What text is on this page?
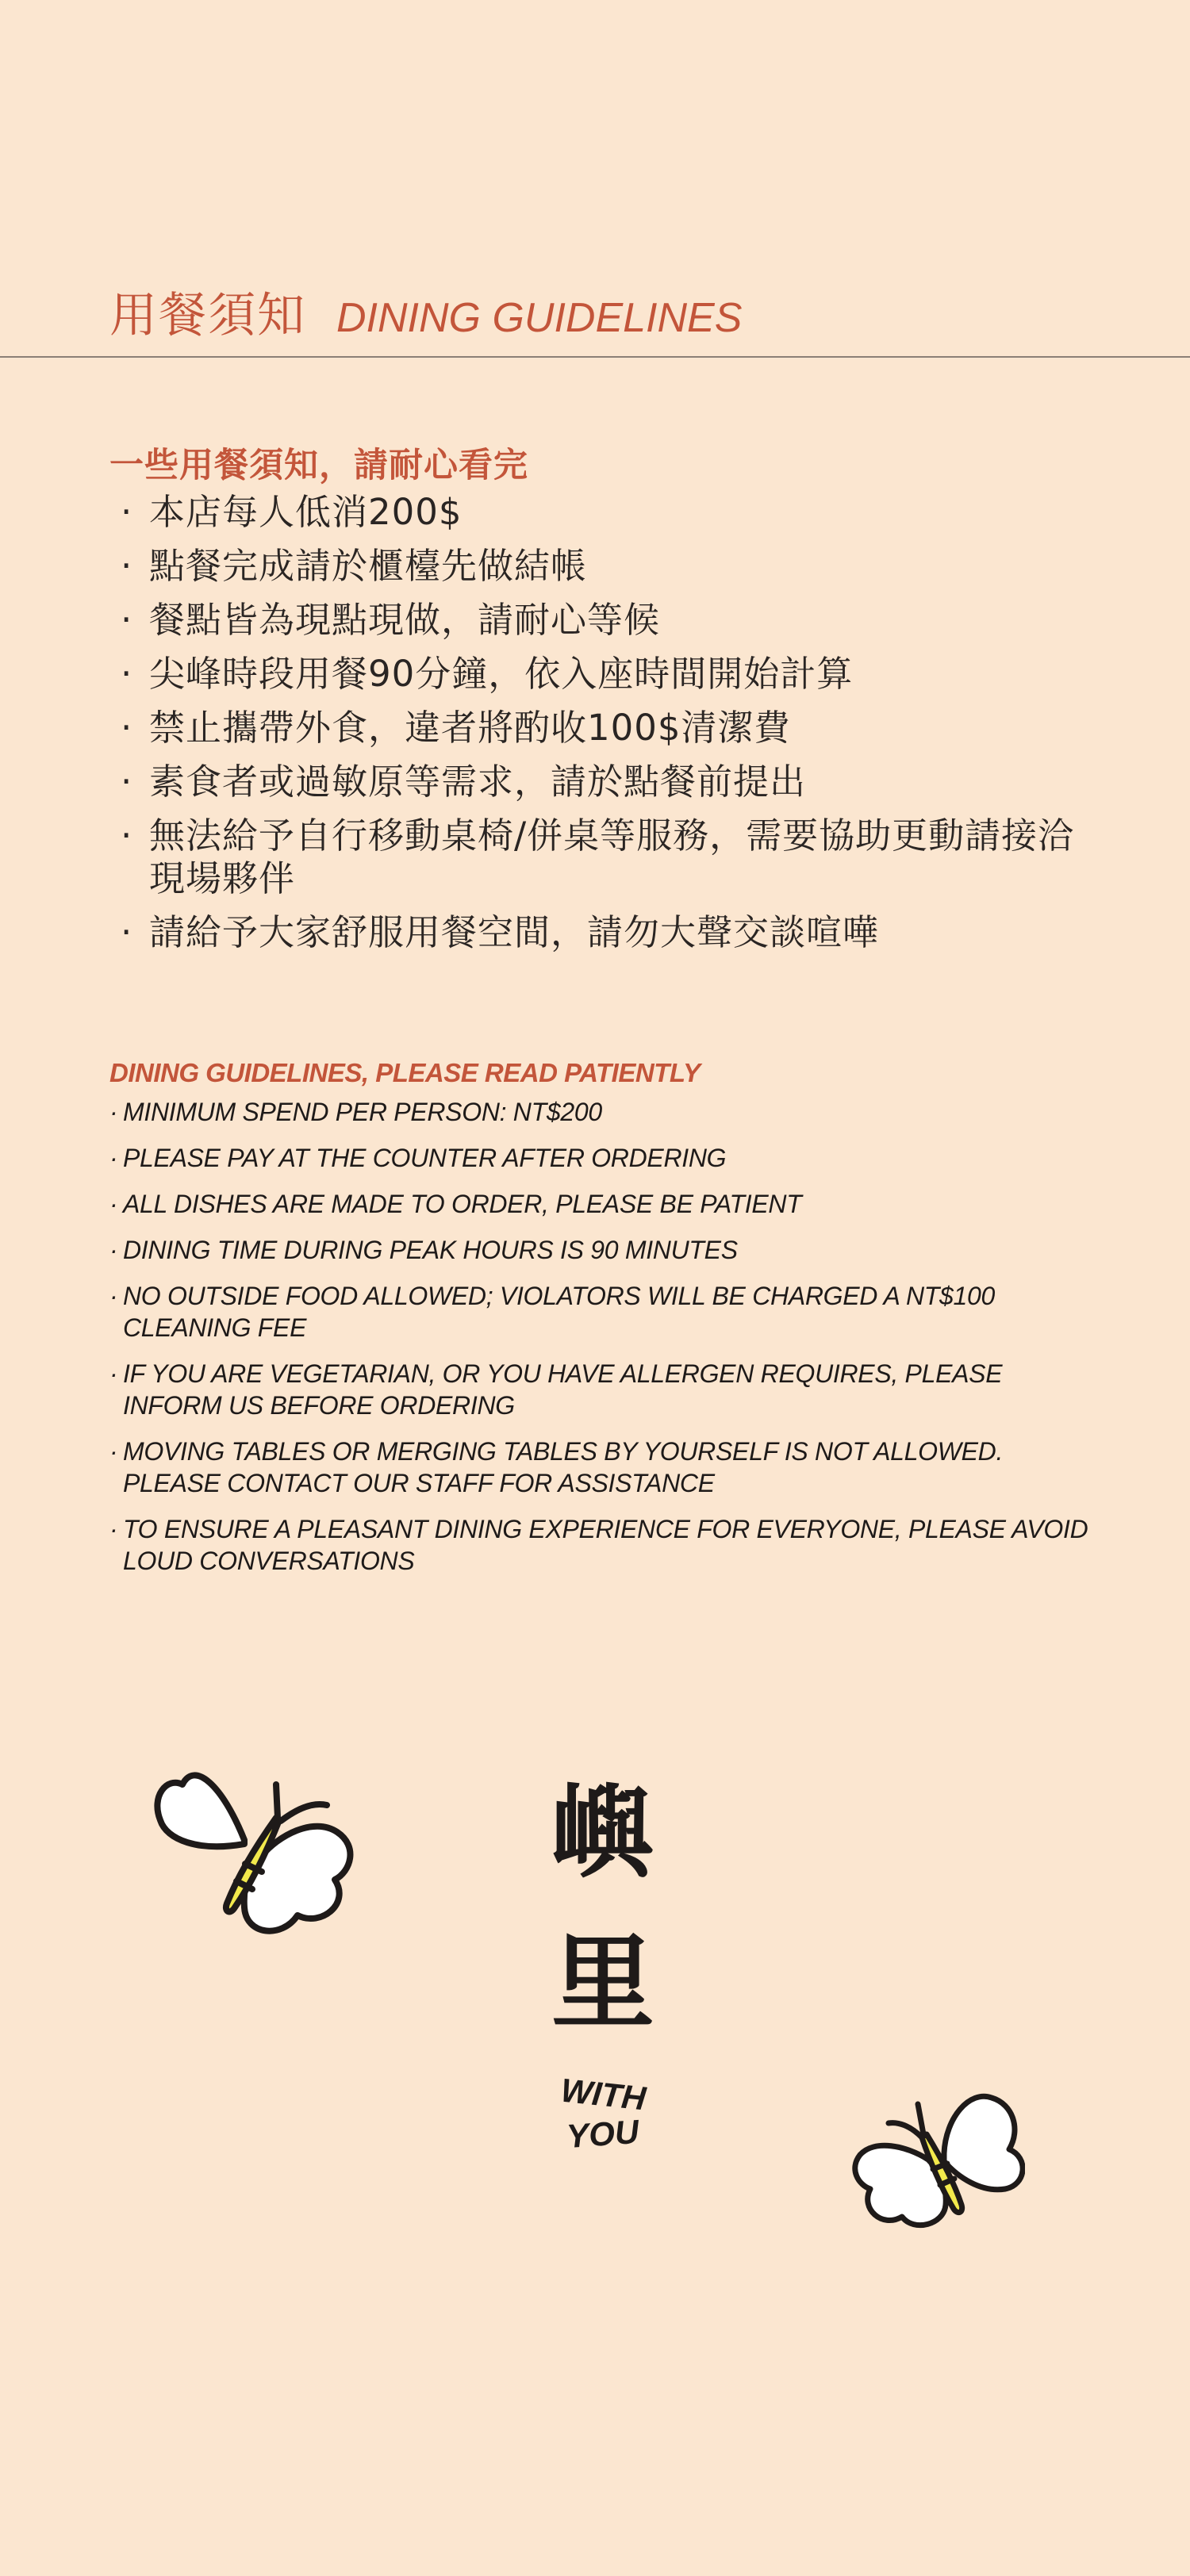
用餐須知 DINING GUIDELINES
一些用餐須知，請耐心看完
· 本店每人低消200$
· 點餐完成請於櫃檯先做結帳
· 餐點皆為現點現做，請耐心等候
· 尖峰時段用餐90分鐘，依入座時間開始計算
· 禁止攜帶外食，違者將酌收100$清潔費
· 素食者或過敏原等需求，請於點餐前提出
· 無法給予自行移動桌椅/併桌等服務，需要協助更動請接洽現場夥伴
· 請給予大家舒服用餐空間，請勿大聲交談喧嘩
DINING GUIDELINES, PLEASE READ PATIENTLY
· MINIMUM SPEND PER PERSON: NT$200
· PLEASE PAY AT THE COUNTER AFTER ORDERING
· ALL DISHES ARE MADE TO ORDER, PLEASE BE PATIENT
· DINING TIME DURING PEAK HOURS IS 90 MINUTES
· NO OUTSIDE FOOD ALLOWED; VIOLATORS WILL BE CHARGED A NT$100 CLEANING FEE
· IF YOU ARE VEGETARIAN, OR YOU HAVE ALLERGEN REQUIRES, PLEASE INFORM US BEFORE ORDERING
· MOVING TABLES OR MERGING TABLES BY YOURSELF IS NOT ALLOWED. PLEASE CONTACT OUR STAFF FOR ASSISTANCE
· TO ENSURE A PLEASANT DINING EXPERIENCE FOR EVERYONE, PLEASE AVOID LOUD CONVERSATIONS
嶼
里
WITH
YOU
